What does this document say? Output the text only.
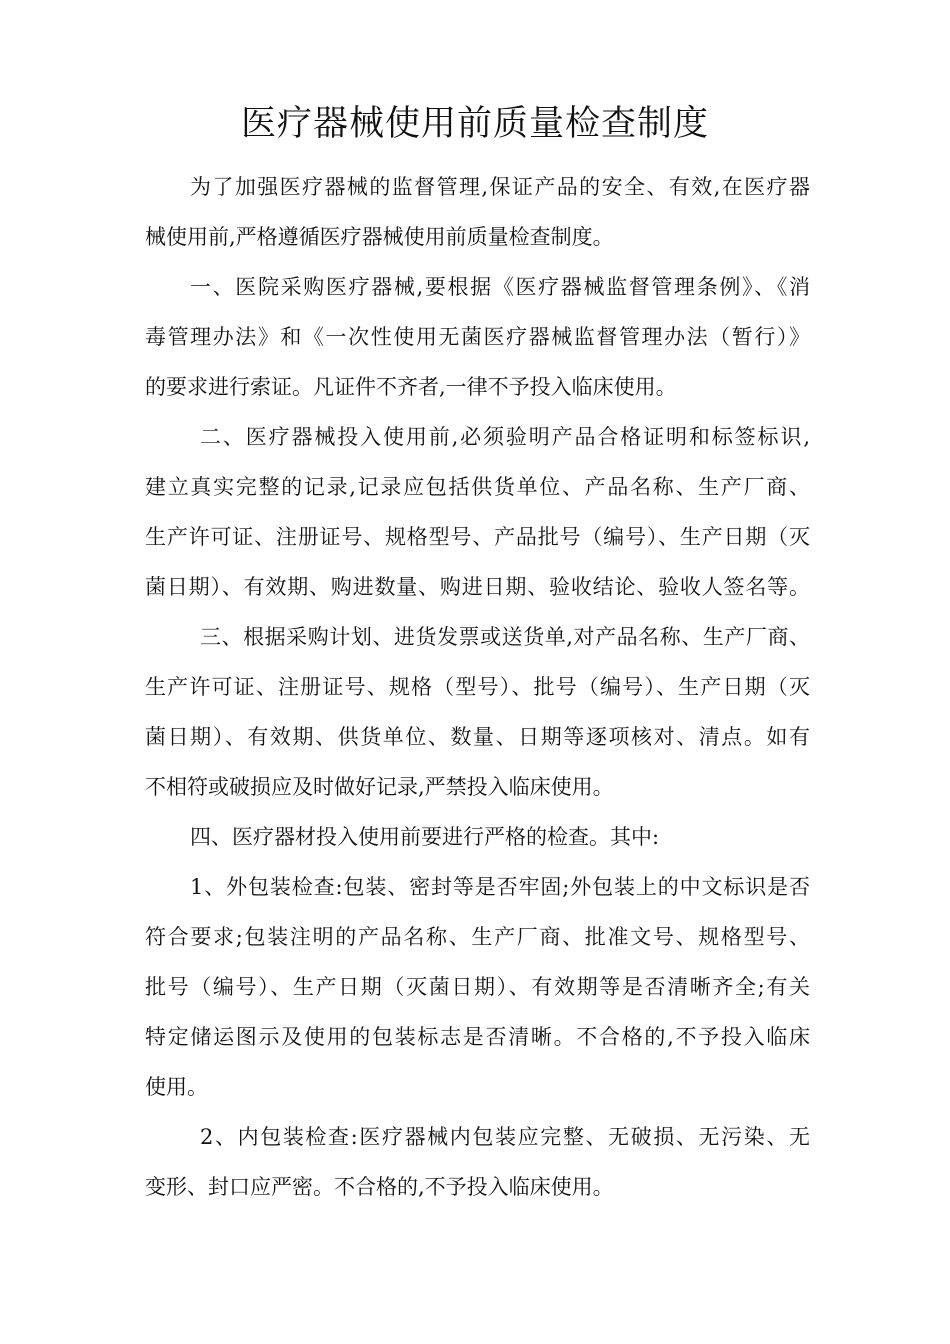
医疗器械使用前质量检查制度
为了加强医疗器械的监督管理,保证产品的安全、有效,在医疗器
械使用前,严格遵循医疗器械使用前质量检查制度。
一、医院采购医疗器械,要根据《医疗器械监督管理条例》、《消
毒管理办法》和《一次性使用无菌医疗器械监督管理办法（暂行）》
的要求进行索证。凡证件不齐者,一律不予投入临床使用。
二、医疗器械投入使用前,必须验明产品合格证明和标签标识,
建立真实完整的记录,记录应包括供货单位、产品名称、生产厂商、
生产许可证、注册证号、规格型号、产品批号（编号）、生产日期（灭
菌日期）、有效期、购进数量、购进日期、验收结论、验收人签名等。
三、根据采购计划、进货发票或送货单,对产品名称、生产厂商、
生产许可证、注册证号、规格（型号）、批号（编号）、生产日期（灭
菌日期）、有效期、供货单位、数量、日期等逐项核对、清点。如有
不相符或破损应及时做好记录,严禁投入临床使用。
四、医疗器材投入使用前要进行严格的检查。其中:
1、外包装检查:包装、密封等是否牢固;外包装上的中文标识是否
符合要求;包装注明的产品名称、生产厂商、批准文号、规格型号、
批号（编号）、生产日期（灭菌日期）、有效期等是否清晰齐全;有关
特定储运图示及使用的包装标志是否清晰。不合格的,不予投入临床
使用。
2、内包装检查:医疗器械内包装应完整、无破损、无污染、无
变形、封口应严密。不合格的,不予投入临床使用。
